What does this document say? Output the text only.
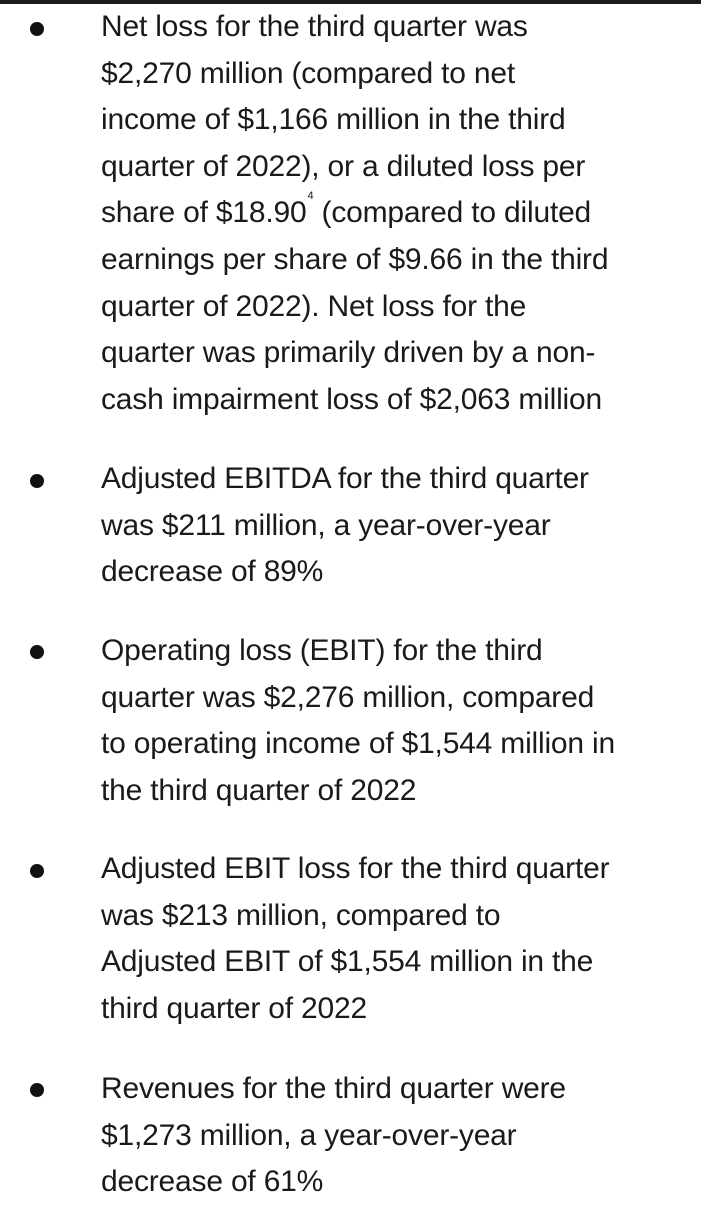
Net loss for the third quarter was
$2,270 million (compared to net
income of $1,166 million in the third
quarter of 2022), or a diluted loss per
share of $18.90$^4$ (compared to diluted
earnings per share of $9.66 in the third
quarter of 2022). Net loss for the
quarter was primarily driven by a non-
cash impairment loss of $2,063 million
Adjusted EBITDA for the third quarter
was $211 million, a year-over-year
decrease of 89%
Operating loss (EBIT) for the third
quarter was $2,276 million, compared
to operating income of $1,544 million in
the third quarter of 2022
Adjusted EBIT loss for the third quarter
was $213 million, compared to
Adjusted EBIT of $1,554 million in the
third quarter of 2022
Revenues for the third quarter were
$1,273 million, a year-over-year
decrease of 61%
